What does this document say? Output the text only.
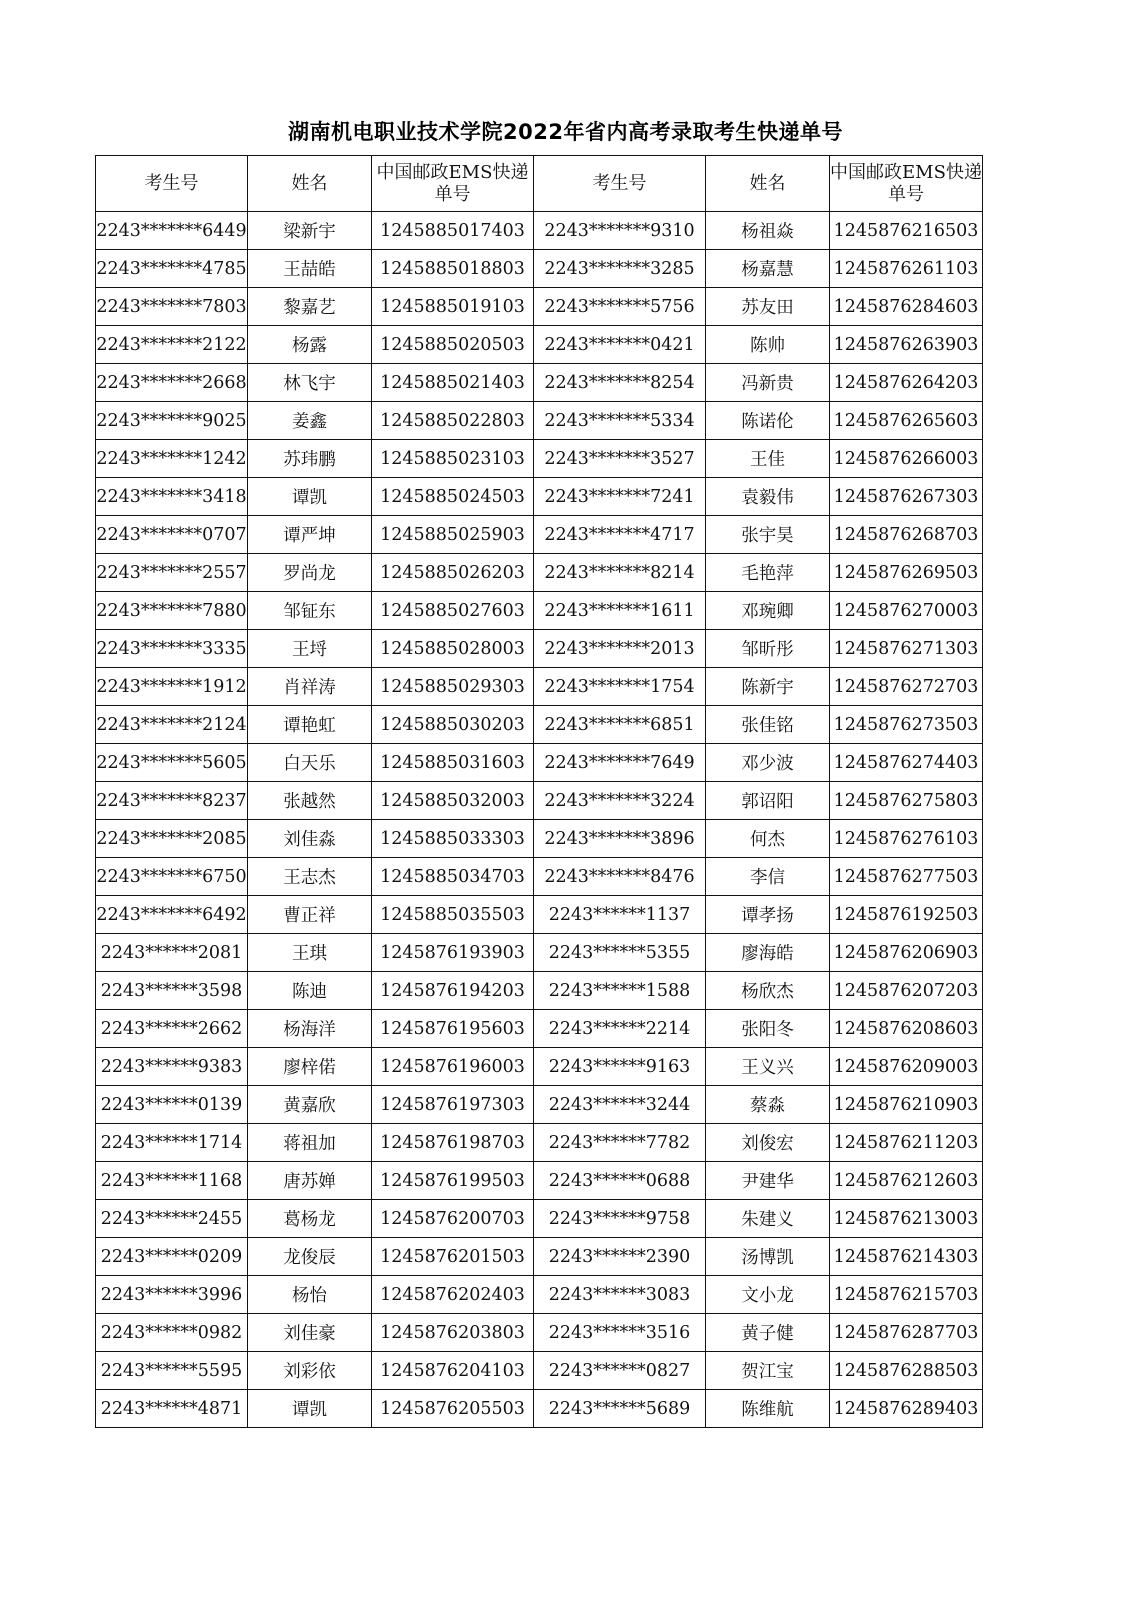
湖南机电职业技术学院2022年省内高考录取考生快递单号
考生号	姓名	中国邮政EMS快递单号	考生号	姓名	中国邮政EMS快递单号
2243*******6449	梁新宇	1245885017403	2243*******9310	杨祖焱	1245876216503
2243*******4785	王喆皓	1245885018803	2243*******3285	杨嘉慧	1245876261103
2243*******7803	黎嘉艺	1245885019103	2243*******5756	苏友田	1245876284603
2243*******2122	杨露	1245885020503	2243*******0421	陈帅	1245876263903
2243*******2668	林飞宇	1245885021403	2243*******8254	冯新贵	1245876264203
2243*******9025	姜鑫	1245885022803	2243*******5334	陈诺伦	1245876265603
2243*******1242	苏玮鹏	1245885023103	2243*******3527	王佳	1245876266003
2243*******3418	谭凯	1245885024503	2243*******7241	袁毅伟	1245876267303
2243*******0707	谭严坤	1245885025903	2243*******4717	张宇昊	1245876268703
2243*******2557	罗尚龙	1245885026203	2243*******8214	毛艳萍	1245876269503
2243*******7880	邹钲东	1245885027603	2243*******1611	邓琬卿	1245876270003
2243*******3335	王埒	1245885028003	2243*******2013	邹昕彤	1245876271303
2243*******1912	肖祥涛	1245885029303	2243*******1754	陈新宇	1245876272703
2243*******2124	谭艳虹	1245885030203	2243*******6851	张佳铭	1245876273503
2243*******5605	白天乐	1245885031603	2243*******7649	邓少波	1245876274403
2243*******8237	张越然	1245885032003	2243*******3224	郭诏阳	1245876275803
2243*******2085	刘佳淼	1245885033303	2243*******3896	何杰	1245876276103
2243*******6750	王志杰	1245885034703	2243*******8476	李信	1245876277503
2243*******6492	曹正祥	1245885035503	2243******1137	谭孝扬	1245876192503
2243******2081	王琪	1245876193903	2243******5355	廖海皓	1245876206903
2243******3598	陈迪	1245876194203	2243******1588	杨欣杰	1245876207203
2243******2662	杨海洋	1245876195603	2243******2214	张阳冬	1245876208603
2243******9383	廖梓偌	1245876196003	2243******9163	王义兴	1245876209003
2243******0139	黄嘉欣	1245876197303	2243******3244	蔡淼	1245876210903
2243******1714	蒋祖加	1245876198703	2243******7782	刘俊宏	1245876211203
2243******1168	唐苏婵	1245876199503	2243******0688	尹建华	1245876212603
2243******2455	葛杨龙	1245876200703	2243******9758	朱建义	1245876213003
2243******0209	龙俊辰	1245876201503	2243******2390	汤博凯	1245876214303
2243******3996	杨怡	1245876202403	2243******3083	文小龙	1245876215703
2243******0982	刘佳豪	1245876203803	2243******3516	黄子健	1245876287703
2243******5595	刘彩依	1245876204103	2243******0827	贺江宝	1245876288503
2243******4871	谭凯	1245876205503	2243******5689	陈维航	1245876289403
